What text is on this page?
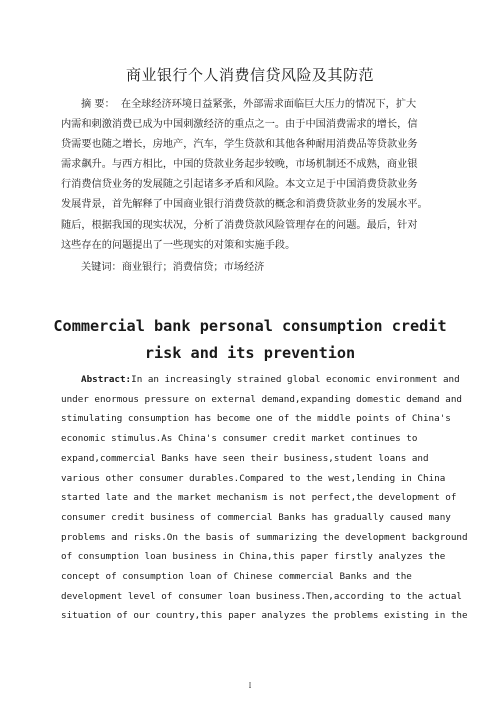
商业银行个人消费信贷风险及其防范
摘 要： 在全球经济环境日益紧张，外部需求面临巨大压力的情况下，扩大
内需和刺激消费已成为中国刺激经济的重点之一。由于中国消费需求的增长，信
贷需要也随之增长，房地产，汽车，学生贷款和其他各种耐用消费品等贷款业务
需求飙升。与西方相比，中国的贷款业务起步较晚，市场机制还不成熟，商业银
行消费信贷业务的发展随之引起诸多矛盾和风险。本文立足于中国消费贷款业务
发展背景，首先解释了中国商业银行消费贷款的概念和消费贷款业务的发展水平。
随后，根据我国的现实状况，分析了消费贷款风险管理存在的问题。最后，针对
这些存在的问题提出了一些现实的对策和实施手段。
关键词：商业银行；消费信贷；市场经济
Commercial bank personal consumption credit
risk and its prevention
Abstract:In an increasingly strained global economic environment and
under enormous pressure on external demand,expanding domestic demand and
stimulating consumption has become one of the middle points of China's
economic stimulus.As China's consumer credit market continues to
expand,commercial Banks have seen their business,student loans and
various other consumer durables.Compared to the west,lending in China
started late and the market mechanism is not perfect,the development of
consumer credit business of commercial Banks has gradually caused many
problems and risks.On the basis of summarizing the development background
of consumption loan business in China,this paper firstly analyzes the
concept of consumption loan of Chinese commercial Banks and the
development level of consumer loan business.Then,according to the actual
situation of our country,this paper analyzes the problems existing in the
I
